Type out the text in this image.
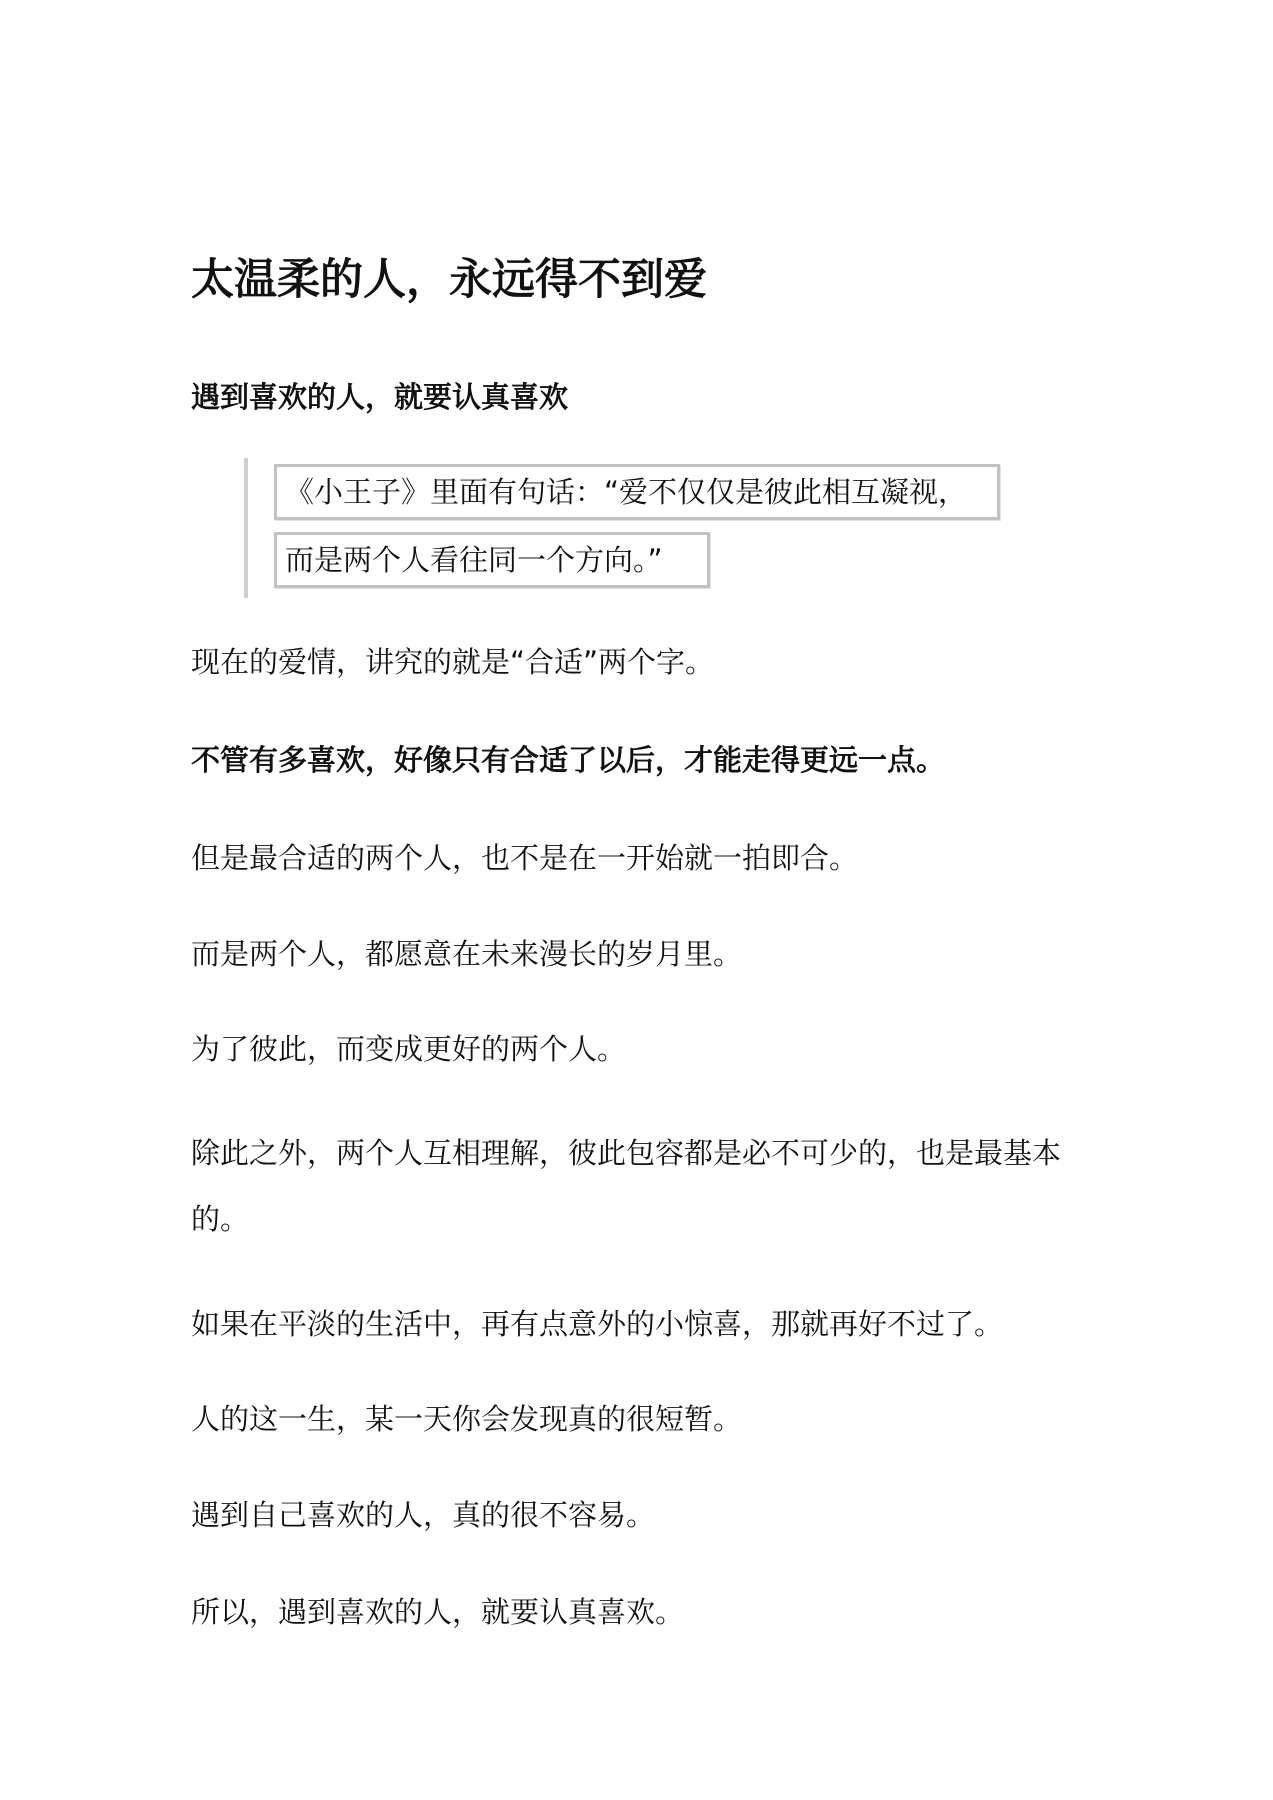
太温柔的人，永远得不到爱
遇到喜欢的人，就要认真喜欢
《小王子》里面有句话：“爱不仅仅是彼此相互凝视，
而是两个人看往同一个方向。”

现在的爱情，讲究的就是“合适”两个字。

不管有多喜欢，好像只有合适了以后，才能走得更远一点。

但是最合适的两个人，也不是在一开始就一拍即合。

而是两个人，都愿意在未来漫长的岁月里。

为了彼此，而变成更好的两个人。

除此之外，两个人互相理解，彼此包容都是必不可少的，也是最基本的。

如果在平淡的生活中，再有点意外的小惊喜，那就再好不过了。

人的这一生，某一天你会发现真的很短暂。

遇到自己喜欢的人，真的很不容易。

所以，遇到喜欢的人，就要认真喜欢。
